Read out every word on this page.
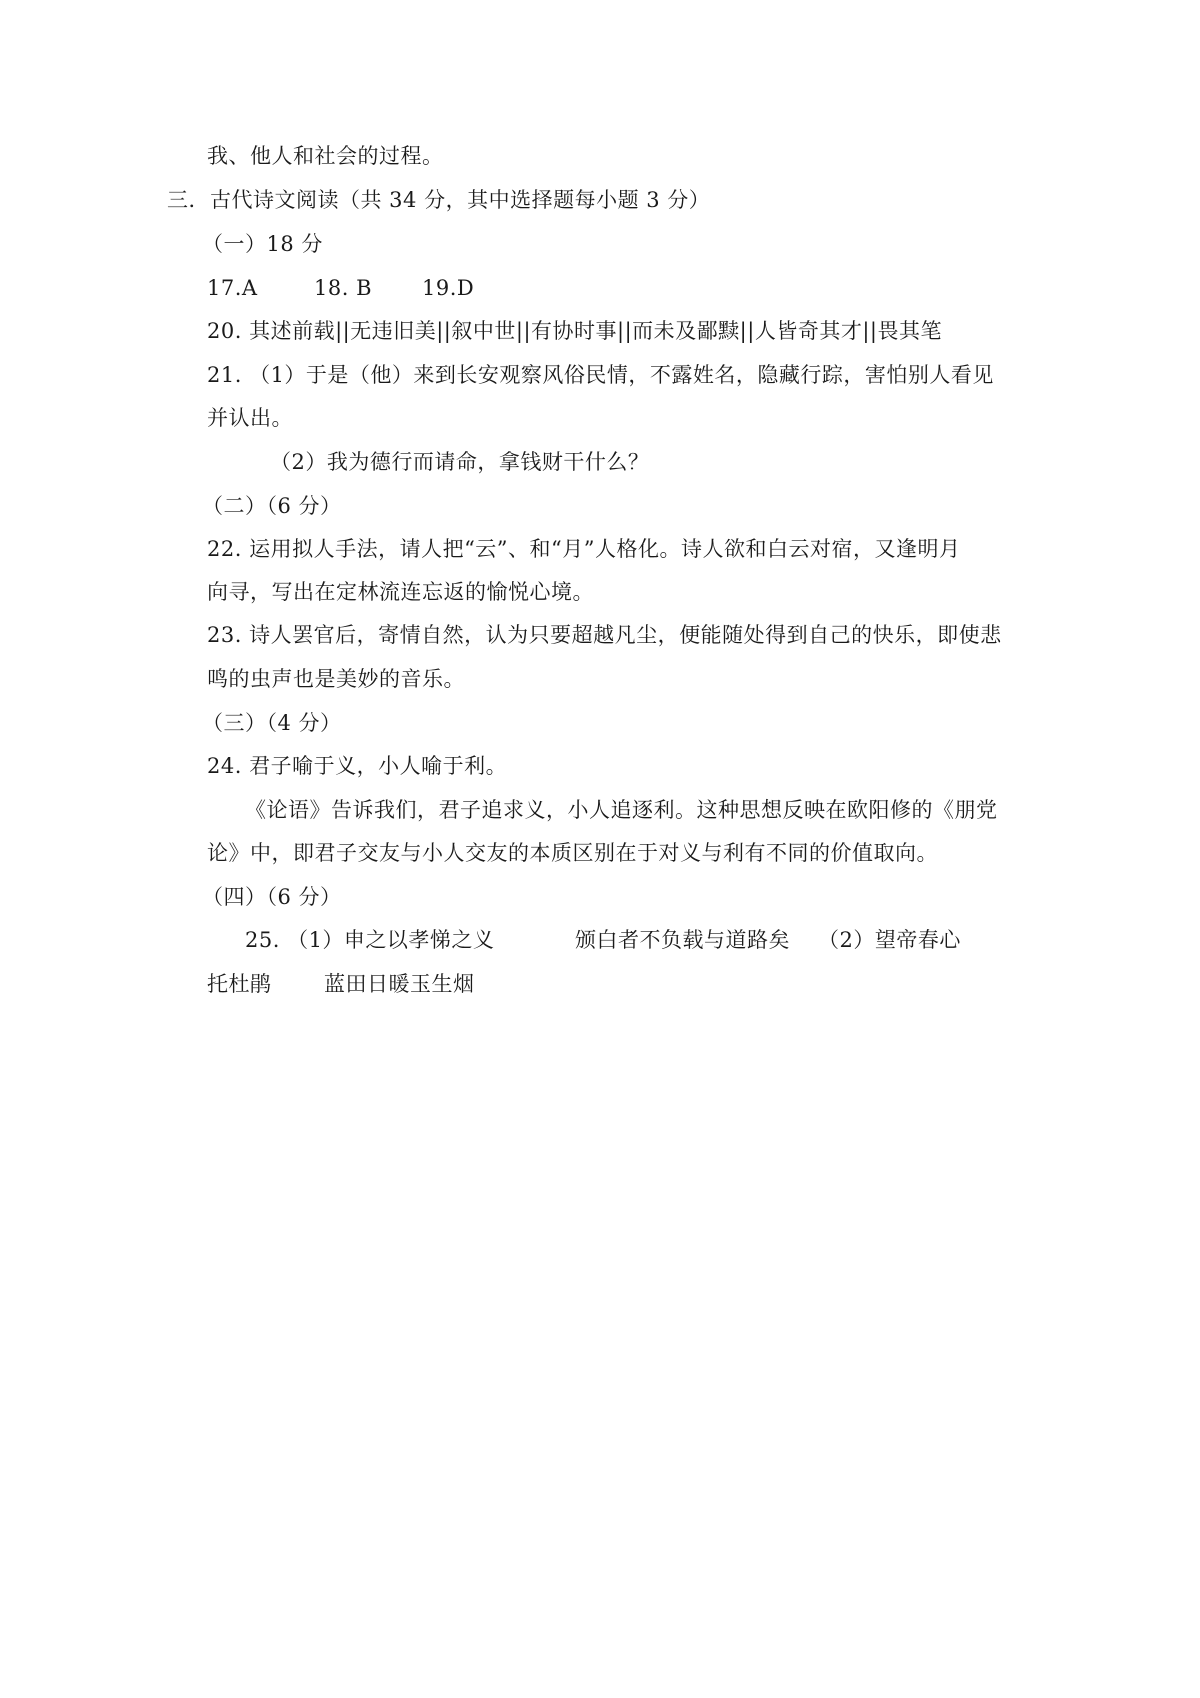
我、他人和社会的过程。
三．古代诗文阅读（共 34 分，其中选择题每小题 3 分）
（一）18 分
17.A	18. B 19.D
20. 其述前载||无违旧美||叙中世||有协时事||而未及鄙黩||人皆奇其才||畏其笔
21. （1）于是（他）来到长安观察风俗民情，不露姓名，隐藏行踪，害怕别人看见
并认出。
（2）我为德行而请命，拿钱财干什么？
（二）（6 分）
22. 运用拟人手法，请人把“云”、和“月”人格化。诗人欲和白云对宿，又逢明月
向寻，写出在定林流连忘返的愉悦心境。
23. 诗人罢官后，寄情自然，认为只要超越凡尘，便能随处得到自己的快乐，即使悲
鸣的虫声也是美妙的音乐。
（三）（4 分）
24. 君子喻于义，小人喻于利。
《论语》告诉我们，君子追求义，小人追逐利。这种思想反映在欧阳修的《朋党
论》中，即君子交友与小人交友的本质区别在于对义与利有不同的价值取向。
（四）（6 分）
25. （1）申之以孝悌之义	颁白者不负载与道路矣 （2）望帝春心
托杜鹃	蓝田日暖玉生烟
